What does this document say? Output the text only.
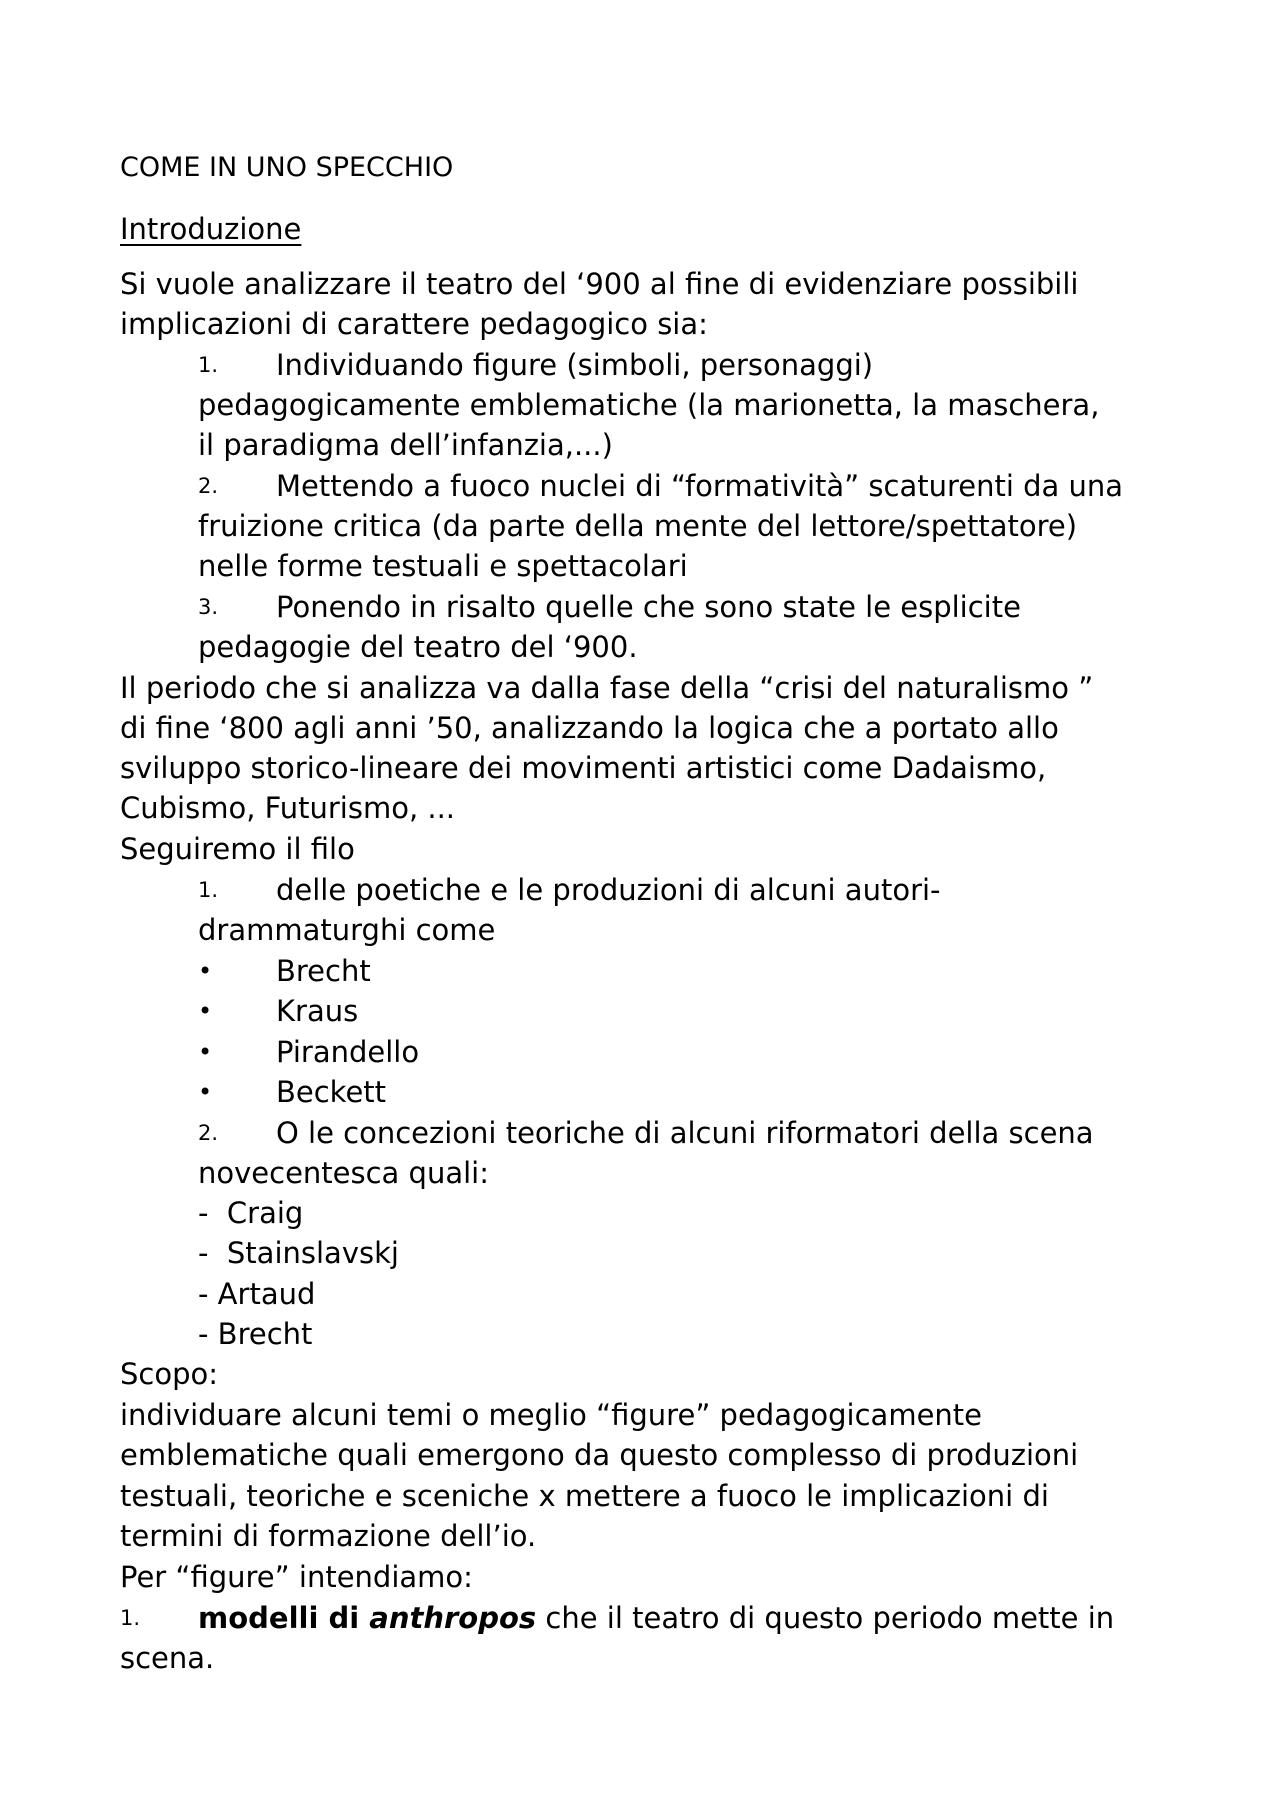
COME IN UNO SPECCHIO
Introduzione
Si vuole analizzare il teatro del ‘900 al fine di evidenziare possibili
implicazioni di carattere pedagogico sia:
1. Individuando figure (simboli, personaggi)
pedagogicamente emblematiche (la marionetta, la maschera,
il paradigma dell’infanzia,...)
2. Mettendo a fuoco nuclei di “formatività” scaturenti da una
fruizione critica (da parte della mente del lettore/spettatore)
nelle forme testuali e spettacolari
3. Ponendo in risalto quelle che sono state le esplicite
pedagogie del teatro del ‘900.
Il periodo che si analizza va dalla fase della “crisi del naturalismo ”
di fine ‘800 agli anni ’50, analizzando la logica che a portato allo
sviluppo storico-lineare dei movimenti artistici come Dadaismo,
Cubismo, Futurismo, ...
Seguiremo il filo
1. delle poetiche e le produzioni di alcuni autori-
drammaturghi come
• Brecht
• Kraus
• Pirandello
• Beckett
2. O le concezioni teoriche di alcuni riformatori della scena
novecentesca quali:
-  Craig
-  Stainslavskj
- Artaud
- Brecht
Scopo:
individuare alcuni temi o meglio “figure” pedagogicamente
emblematiche quali emergono da questo complesso di produzioni
testuali, teoriche e sceniche x mettere a fuoco le implicazioni di
termini di formazione dell’io.
Per “figure” intendiamo:
1. modelli di anthropos che il teatro di questo periodo mette in
scena.
